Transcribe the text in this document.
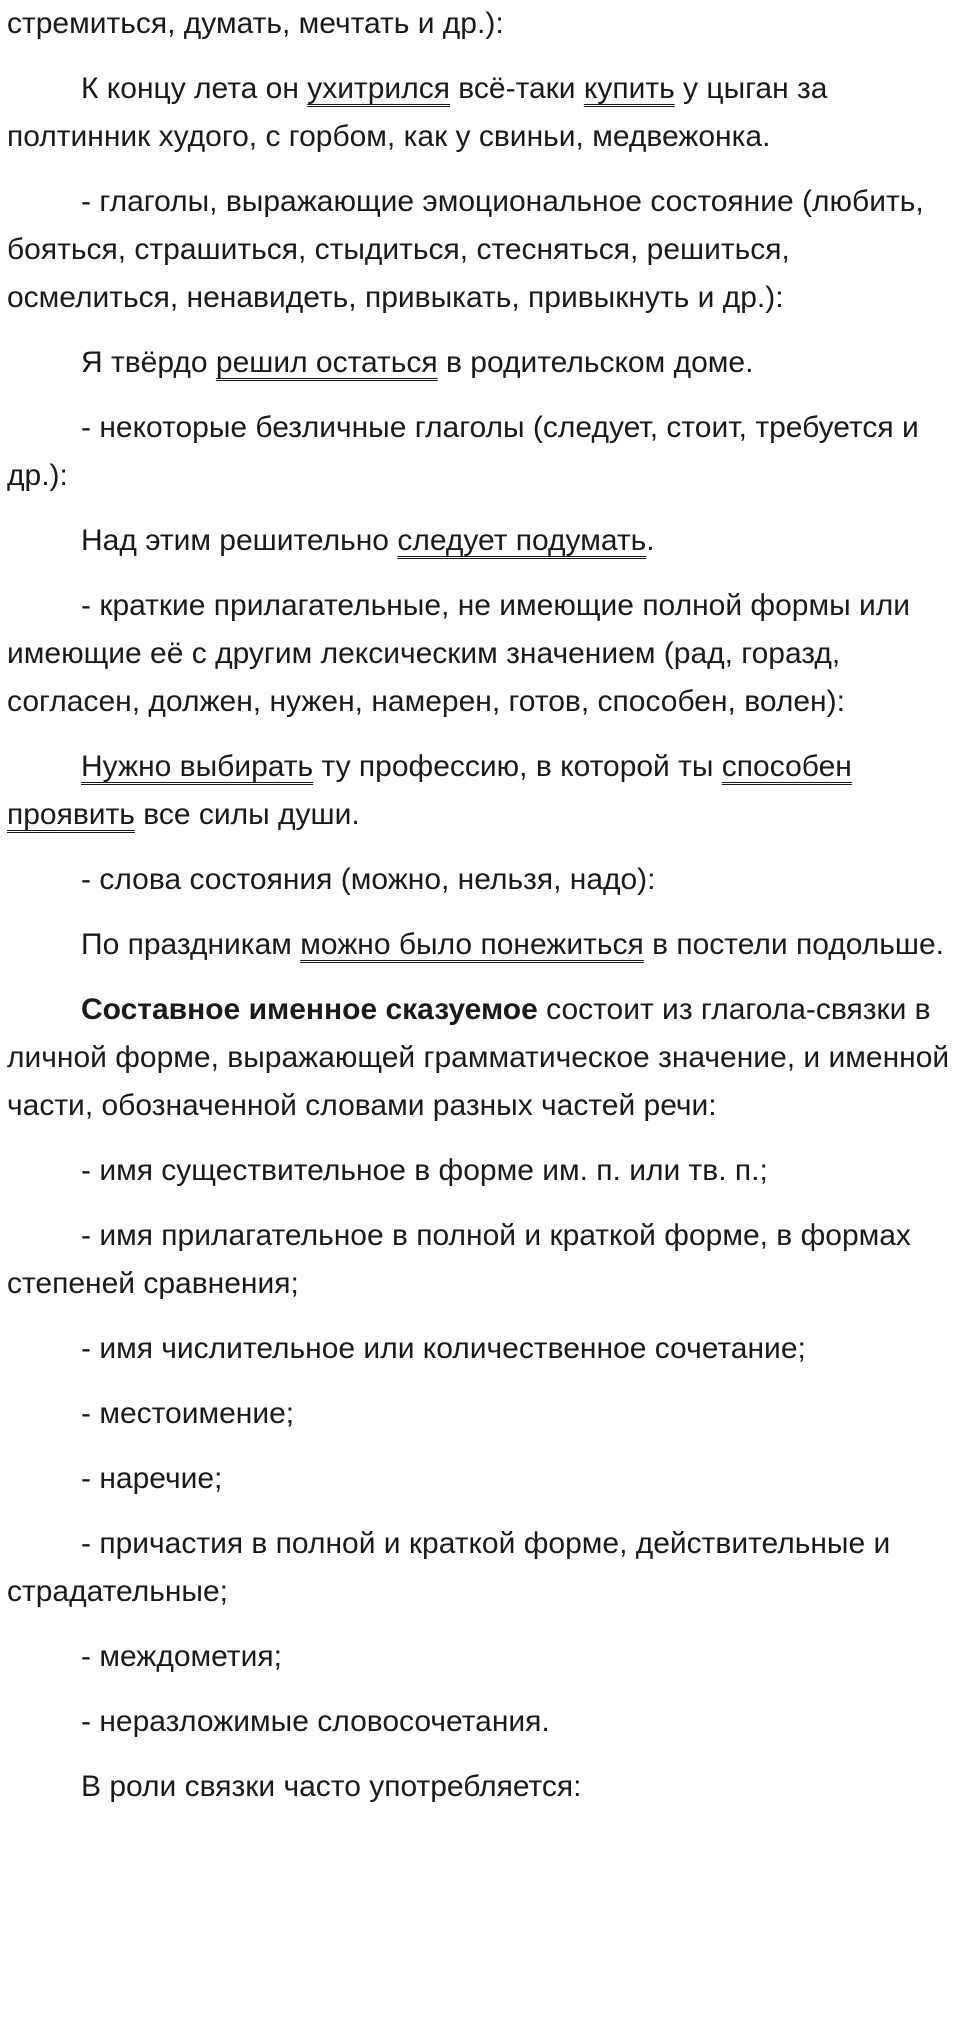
стремиться, думать, мечтать и др.):

К концу лета он ухитрился всё-таки купить у цыган за полтинник худого, с горбом, как у свиньи, медвежонка.

- глаголы, выражающие эмоциональное состояние (любить, бояться, страшиться, стыдиться, стесняться, решиться, осмелиться, ненавидеть, привыкать, привыкнуть и др.):

Я твёрдо решил остаться в родительском доме.

- некоторые безличные глаголы (следует, стоит, требуется и др.):

Над этим решительно следует подумать.

- краткие прилагательные, не имеющие полной формы или имеющие её с другим лексическим значением (рад, горазд, согласен, должен, нужен, намерен, готов, способен, волен):

Нужно выбирать ту профессию, в которой ты способен проявить все силы души.

- слова состояния (можно, нельзя, надо):

По праздникам можно было понежиться в постели подольше.

Составное именное сказуемое состоит из глагола-связки в личной форме, выражающей грамматическое значение, и именной части, обозначенной словами разных частей речи:

- имя существительное в форме им. п. или тв. п.;

- имя прилагательное в полной и краткой форме, в формах степеней сравнения;

- имя числительное или количественное сочетание;

- местоимение;

- наречие;

- причастия в полной и краткой форме, действительные и страдательные;

- междометия;

- неразложимые словосочетания.

В роли связки часто употребляется:
